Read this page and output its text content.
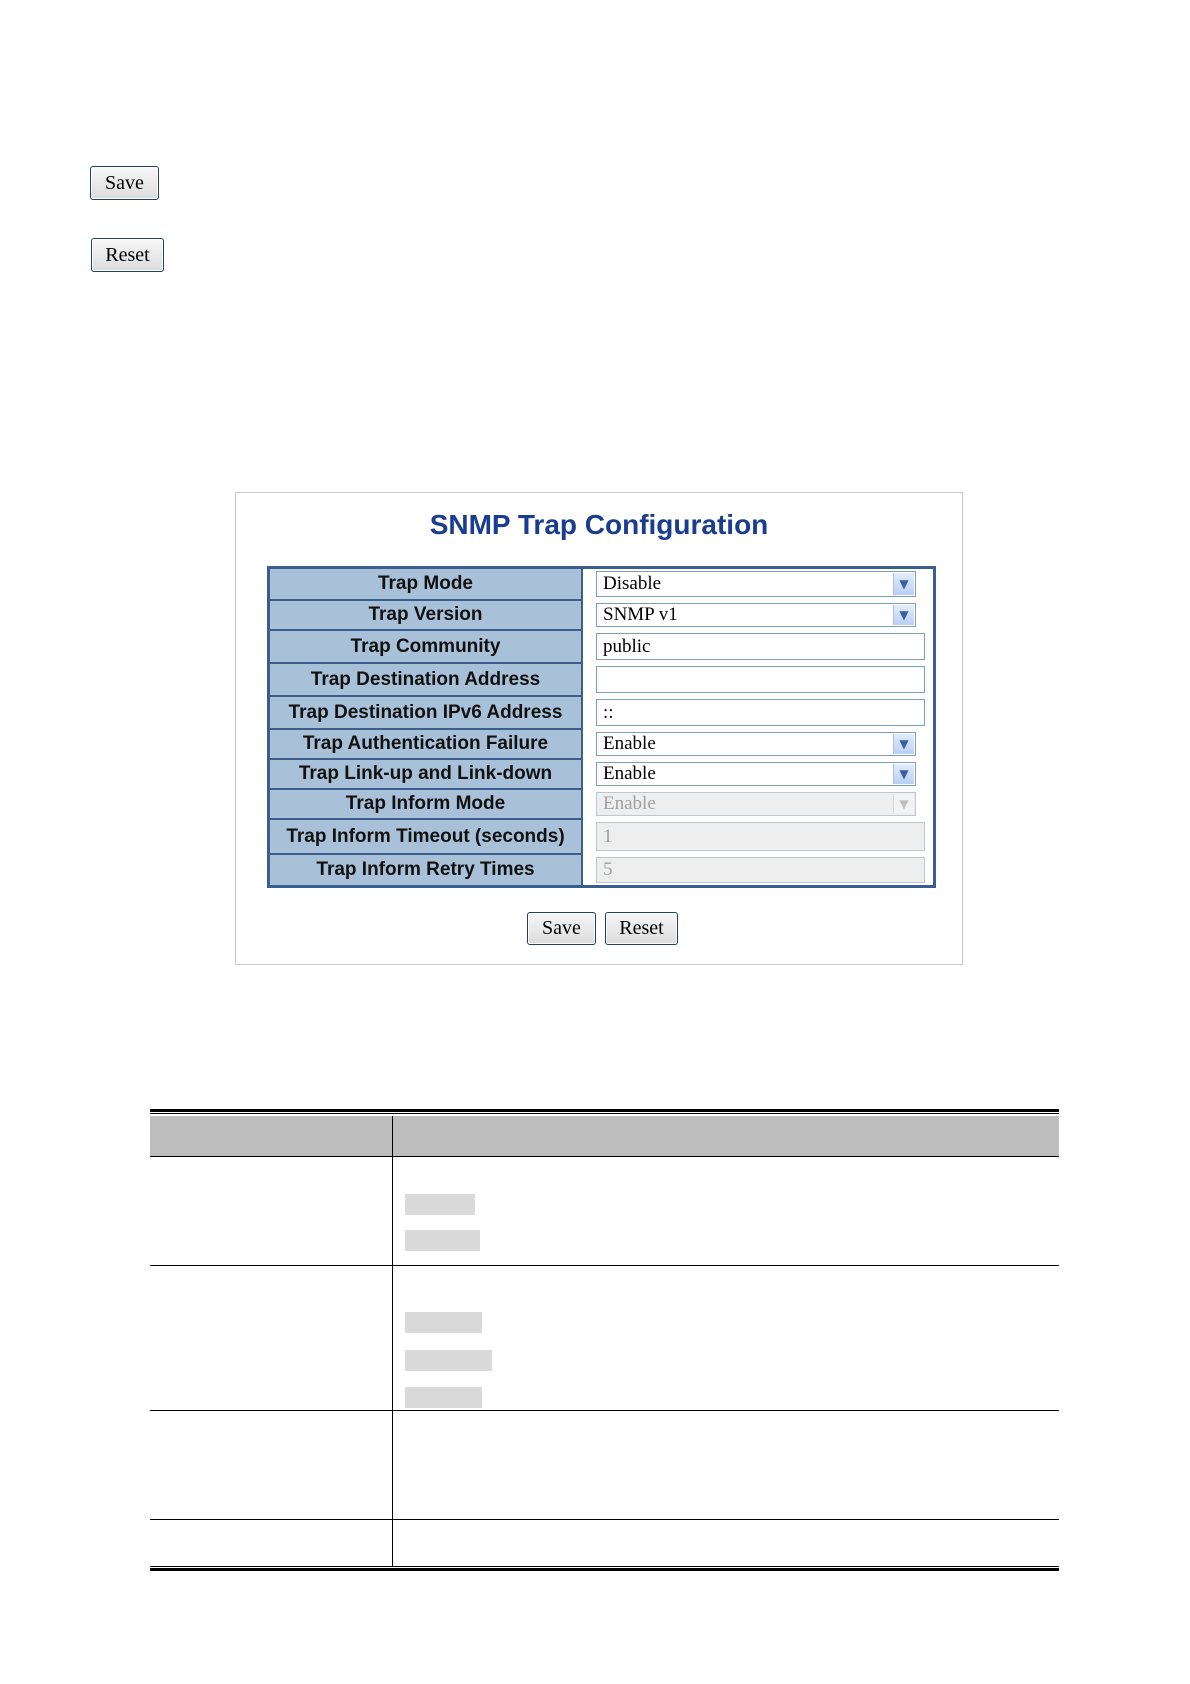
Save
Reset
SNMP Trap Configuration
Trap Mode	Disable	▼
Trap Version	SNMP v1	▼
Trap Community	public
Trap Destination Address
Trap Destination IPv6 Address	::
Trap Authentication Failure	Enable	▼
Trap Link-up and Link-down	Enable	▼
Trap Inform Mode	Enable	▼
Trap Inform Timeout (seconds)	1
Trap Inform Retry Times	5
Save	Reset
